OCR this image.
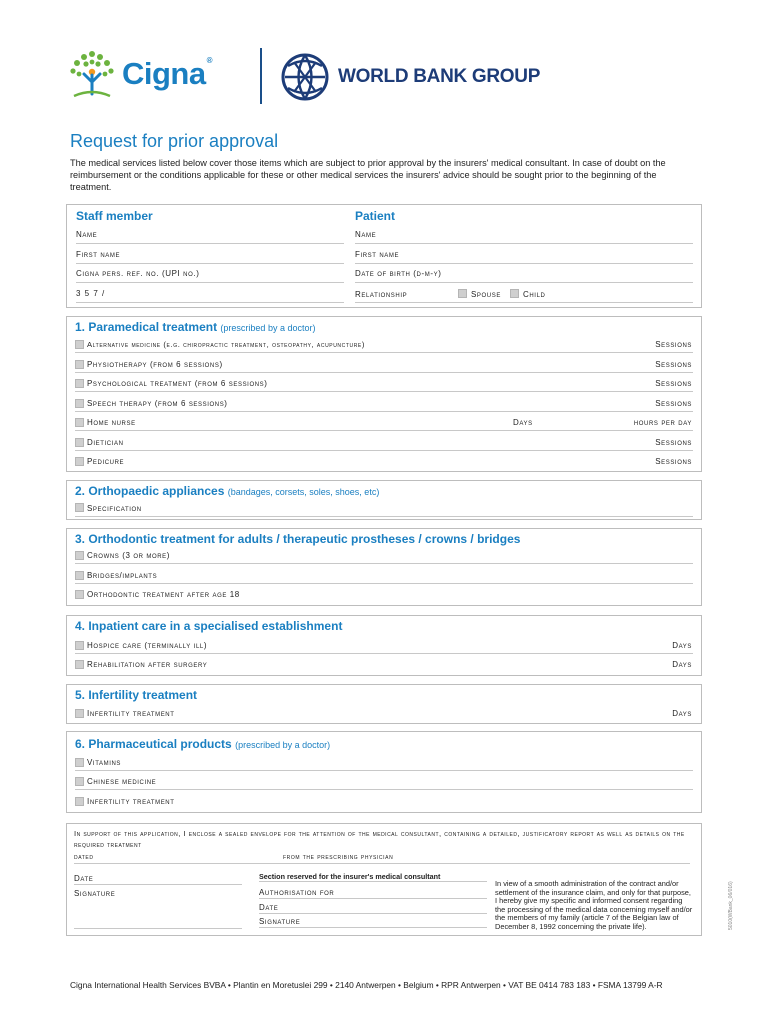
Cigna®
WORLD BANK GROUP
Request for prior approval
The medical services listed below cover those items which are subject to prior approval by the insurers' medical consultant. In case of doubt on the reimbursement or the conditions applicable for these or other medical services the insurers' advice should be sought prior to the beginning of the treatment.
Staff member	Patient
Name	Name
First name	First name
Cigna pers. ref. no. (UPI no.)	Date of birth (d-m-y)
3 5 7 /	Relationship	Spouse	Child
1. Paramedical treatment (prescribed by a doctor)
Alternative medicine (e.g. chiropractic treatment, osteopathy, acupuncture)	Sessions
Physiotherapy (from 6 sessions)	Sessions
Psychological treatment (from 6 sessions)	Sessions
Speech therapy (from 6 sessions)	Sessions
Home nurse	Days	hours per day
Dietician	Sessions
Pedicure	Sessions
2. Orthopaedic appliances (bandages, corsets, soles, shoes, etc)
Specification
3. Orthodontic treatment for adults / therapeutic prostheses / crowns / bridges
Crowns (3 or more)
Bridges/implants
Orthodontic treatment after age 18
4. Inpatient care in a specialised establishment
Hospice care (terminally ill)	Days
Rehabilitation after surgery	Days
5. Infertility treatment
Infertility treatment	Days
6. Pharmaceutical products (prescribed by a doctor)
Vitamins
Chinese medicine
Infertility treatment
In support of this application, I enclose a sealed envelope for the attention of the medical consultant, containing a detailed, justificatory report as well as details on the required treatment
dated	from the prescribing physician
Date
Signature
Section reserved for the insurer's medical consultant
Authorisation for
Date
Signature
In view of a smooth administration of the contract and/or settlement of the insurance claim, and only for that purpose, I hereby give my specific and informed consent regarding the processing of the medical data concerning myself and/or the members of my family (article 7 of the Belgian law of December 8, 1992 concerning the private life).	5010(WBank_06/016)
Cigna International Health Services BVBA • Plantin en Moretuslei 299 • 2140 Antwerpen • Belgium • RPR Antwerpen • VAT BE 0414 783 183 • FSMA 13799 A-R
